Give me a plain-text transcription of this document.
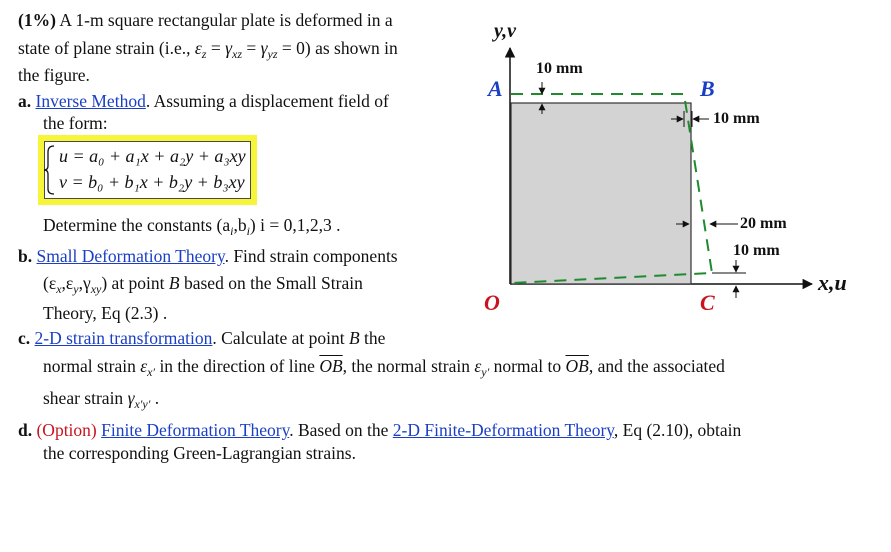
(1%) A 1-m square rectangular plate is deformed in a
state of plane strain (i.e., $\varepsilon_z = \gamma_{xz} = \gamma_{yz} = 0$) as shown in
the figure.
a. Inverse Method. Assuming a displacement field of
the form:
u = a₀ + a₁x + a₂y + a₃xy
v = b₀ + b₁x + b₂y + b₃xy
Determine the constants $(a_i,b_i) i = 0,1,2,3$ .
b. Small Deformation Theory. Find strain components
$(\varepsilon_x,\varepsilon_y,\gamma_{xy})$ at point B based on the Small Strain
Theory, Eq (2.3) .
c. 2-D strain transformation. Calculate at point B the
normal strain $\varepsilon_{x'}$ in the direction of line $\overline{OB}$, the normal strain $\varepsilon_{y'}$ normal to $\overline{OB}$, and the associated
shear strain $\gamma_{x'y'}$ .
d. (Option) Finite Deformation Theory. Based on the 2-D Finite-Deformation Theory, Eq (2.10), obtain
the corresponding Green-Lagrangian strains.
y,v
x,u
A	B
C
O
10 mm
10 mm
20 mm
10 mm
